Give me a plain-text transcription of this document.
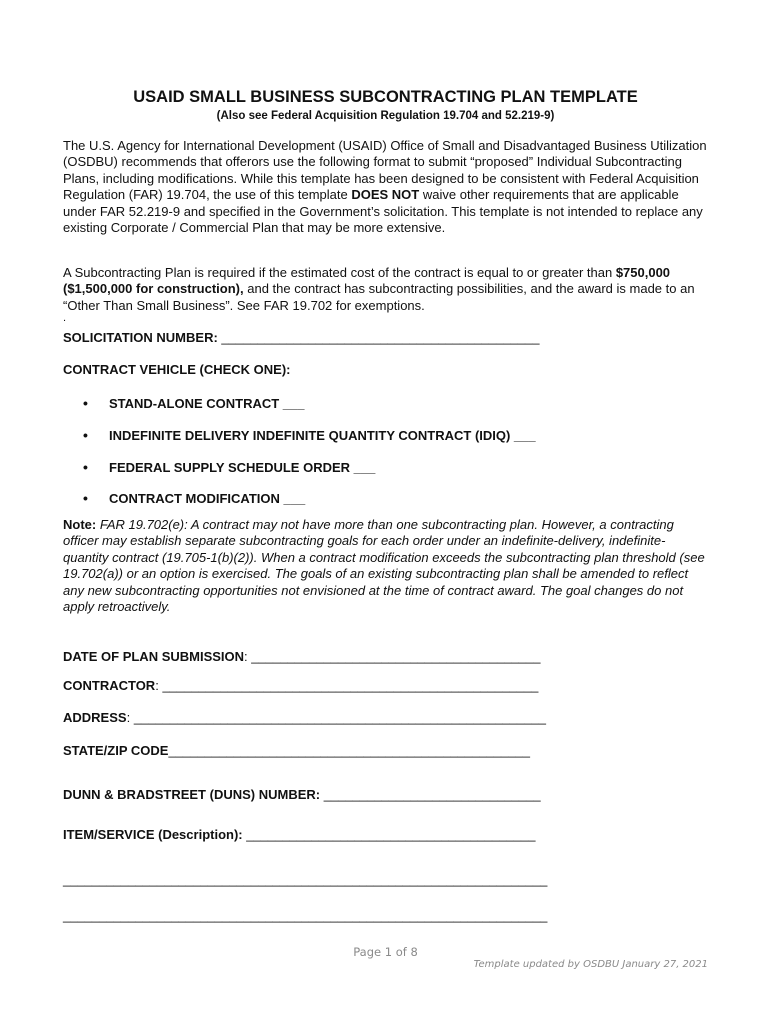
USAID SMALL BUSINESS SUBCONTRACTING PLAN TEMPLATE
(Also see Federal Acquisition Regulation 19.704 and 52.219-9)
The U.S. Agency for International Development (USAID) Office of Small and Disadvantaged Business Utilization (OSDBU) recommends that offerors use the following format to submit “proposed” Individual Subcontracting Plans, including modifications. While this template has been designed to be consistent with Federal Acquisition Regulation (FAR) 19.704, the use of this template DOES NOT waive other requirements that are applicable under FAR 52.219-9 and specified in the Government’s solicitation. This template is not intended to replace any existing Corporate / Commercial Plan that may be more extensive.
A Subcontracting Plan is required if the estimated cost of the contract is equal to or greater than $750,000 ($1,500,000 for construction), and the contract has subcontracting possibilities, and the award is made to an “Other Than Small Business”. See FAR 19.702 for exemptions.
.
SOLICITATION NUMBER: ____________________________________________
CONTRACT VEHICLE (CHECK ONE):
• STAND-ALONE CONTRACT ___
• INDEFINITE DELIVERY INDEFINITE QUANTITY CONTRACT (IDIQ) ___
• FEDERAL SUPPLY SCHEDULE ORDER ___
• CONTRACT MODIFICATION ___
Note: FAR 19.702(e): A contract may not have more than one subcontracting plan. However, a contracting officer may establish separate subcontracting goals for each order under an indefinite-delivery, indefinite-quantity contract (19.705-1(b)(2)). When a contract modification exceeds the subcontracting plan threshold (see 19.702(a)) or an option is exercised. The goals of an existing subcontracting plan shall be amended to reflect any new subcontracting opportunities not envisioned at the time of contract award. The goal changes do not apply retroactively.
DATE OF PLAN SUBMISSION: ________________________________________
CONTRACTOR: ____________________________________________________
ADDRESS: _________________________________________________________
STATE/ZIP CODE__________________________________________________
DUNN & BRADSTREET (DUNS) NUMBER: ______________________________
ITEM/SERVICE (Description): ________________________________________
___________________________________________________________________
___________________________________________________________________
Page 1 of 8
Template updated by OSDBU January 27, 2021
